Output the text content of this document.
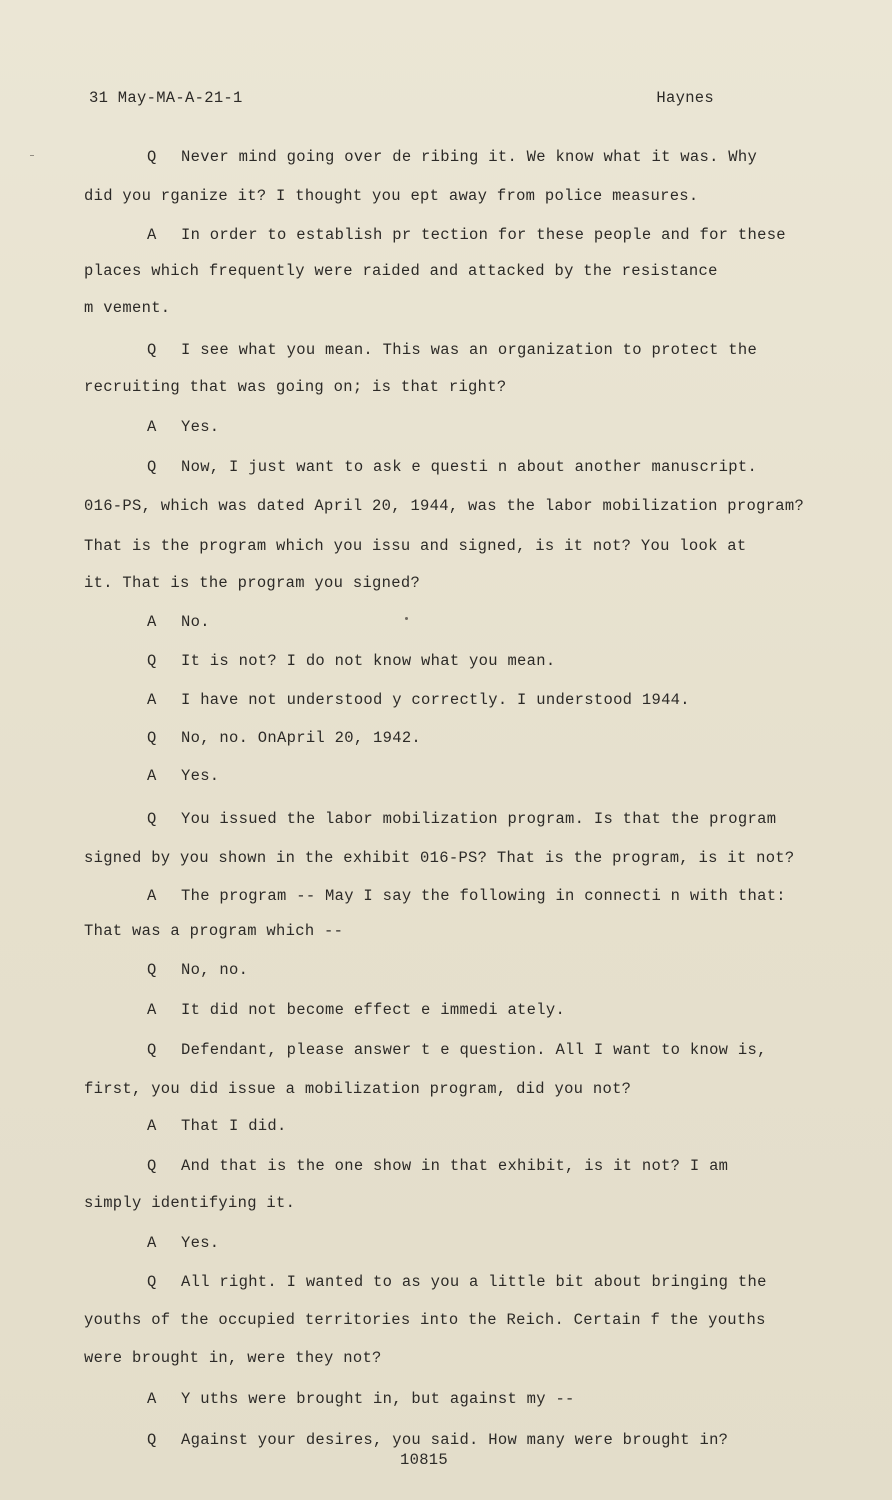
31 May-MA-A-21-1	Haynes
Q Never mind going over de ribing it. We know what it was. Why
did you rganize it? I thought you ept away from police measures.
A In order to establish pr tection for these people and for these
places which frequently were raided and attacked by the resistance
m vement.
Q I see what you mean. This was an organization to protect the
recruiting that was going on; is that right?
A Yes.
Q Now, I just want to ask e questi n about another manuscript.
016-PS, which was dated April 20, 1944, was the labor mobilization program?
That is the program which you issu and signed, is it not? You look at
it. That is the program you signed?
A No.
Q It is not? I do not know what you mean.
A I have not understood y correctly. I understood 1944.
Q No, no. OnApril 20, 1942.
A Yes.
Q You issued the labor mobilization program. Is that the program
signed by you shown in the exhibit 016-PS? That is the program, is it not?
A The program -- May I say the following in connecti n with that:
That was a program which --
Q No, no.
A It did not become effect e immedi ately.
Q Defendant, please answer t e question. All I want to know is,
first, you did issue a mobilization program, did you not?
A That I did.
Q And that is the one show in that exhibit, is it not? I am
simply identifying it.
A Yes.
Q All right. I wanted to as you a little bit about bringing the
youths of the occupied territories into the Reich. Certain f the youths
were brought in, were they not?
A Y uths were brought in, but against my --
Q Against your desires, you said. How many were brought in?
10815
